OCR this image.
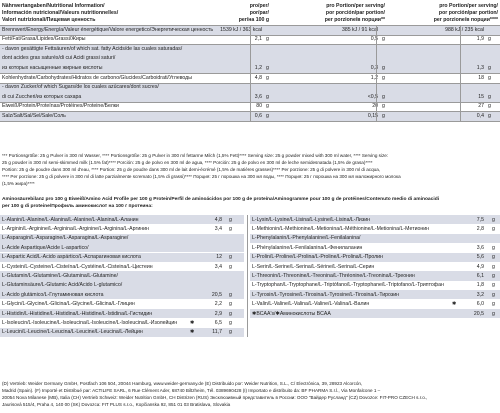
Nährwertangaben/Nutritional Information/
Información nutricional/Valeurs nutritionnelles/
Valori nutrizionali/Пищевая ценность
pro/per/
por/par/
per/на 100 g
pro Portion/per serving/
por porción/par portion/
per porzione/в порции**
pro Portion/per serving/
por porción/par portion/
per porzione/в порции****
Brennwert/Energy/Energía/Valeur énergétique/Valore energetico/Энергетическая ценность	1539 kJ / 363 kcal	385 kJ / 91 kcal	988 kJ / 235 kcal
Fett/Fat/Grasa/Lipides/Grassi/Жиры	2,1 g	0,5 g	1,9 g
- davon gesättigte Fettsäuren/of which sat. fatty Acids/de las cuales saturadas/
dont acides gras saturés/di cui Acidi grassi saturi/
из которых насыщенные жирные кислоты	1,2 g	0,3 g	1,3 g
Kohlenhydrate/Carbohydrates/Hidratos de carbono/Glucides/Carboidrati/Углеводы	4,8 g	1,2 g	18 g
- davon Zucker/of which Sugars/de los cuales azúcares/dont sucres/
di cui Zuccheri/из которых сахара	3,6 g	<0,5 g	15 g
Eiweiß/Protein/Proteínas/Protéines/Proteine/Белки	80 g	20 g	27 g
Salz/Salt/Sal/Sel/Sale/Соль	0,6 g	0,15 g	0,4 g
*** Portionsgröße: 25 g Pulver in 300 ml Wasser, **** Portionsgröße: 25 g Pulver in 300 ml fettarme Milch (1,5% Fett)**** Serving size: 25 g powder mixed with 300 ml water, **** Serving size:
25 g powder in 300 ml semi-skimmed milk (1.5% fat)**** Porción: 25 g de polvo en 300 ml de agua, **** Porción: 25 g de polvo en 300 ml de leche semidesnatada (1,5% de grasa)****
Portion: 25 g de poudre dans 300 ml d'eau, **** Portion: 25 g de poudre dans 300 ml de lait demi-écrémé (1,5% de matières grasses)**** Per porzione: 25 g di polvere in 300 ml di acqua,
**** Per porzione: 25 g di polvere in 300 ml di latte parzialmente scremato (1,5% di grassi)**** Порция: 25 г порошка на 300 мл воды, **** Порция: 25 г порошка на 300 мл маложирного молока
(1,5% жира)****
Aminosäurebilanz pro 100 g Eiweiß/Amino Acid Profile per 100 g Protein/Perfil de aminoácidos por 100 g de proteína/Aminogramme pour 100 g de protéines/Contenuto medio di aminoacidi
per 100 g di proteine/Профиль аминокислот на 100 г протеина:
L-Alanin/L-Alanine/L-Alanina/L-Alanine/L-Alanina/L-Аланин	4,8 g
L-Arginin/L-Arginine/L-Arginina/L-Arginine/L-Arginina/L-Аргинин	3,4 g
L-Asparagin/L-Asparagine/L-Asparagina/L-Asparagine/
L-Acide Aspartique/Acide L-aspartico/
L-Aspartic Acid/L-Ácido aspártico/L-Аспарагиновая кислота	12 g
L-Cystein/L-Cysteine/L-Cisteína/L-Cystéine/L-Cisteina/L-Цистеин	3,4 g
L-Glutamin/L-Glutamine/L-Glutamina/L-Glutamine/
L-Glutaminsäure/L-Glutamic Acid/Acido L-glutamico/
L-Ácido glutámico/L-Глутаминовая кислота	20,5 g
L-Glycin/L-Glycine/L-Glicina/L-Glycine/L-Glicina/L-Глицин	2,2 g
L-Histidin/L-Histidine/L-Histidina/L-Histidine/L-Istidina/L-Гистидин	2,9 g
L-Isoleucin/L-Isoleucine/L-Isoleucina/L-Isoleucine/L-Isoleucina/L-Изолейцин	✱	6,5 g
L-Leucin/L-Leucine/L-Leucina/L-Leucine/L-Leucina/L-Лейцин	✱	11,7 g
L-Lysin/L-Lysine/L-Lisina/L-Lysine/L-Lisina/L-Лизин	7,5 g
L-Methionin/L-Methionine/L-Metionina/L-Méthionine/L-Metionina/L-Метионин	2,8 g
L-Phenylalanin/L-Phenylalanine/L-Fenilalanina/
L-Phénylalanine/L-Fenilalanina/L-Фенилаланин	3,6 g
L-Prolin/L-Proline/L-Prolina/L-Proline/L-Prolina/L-Пролин	5,6 g
L-Serin/L-Serine/L-Serina/L-Sérine/L-Serina/L-Серин	4,9 g
L-Threonin/L-Threonine/L-Treonina/L-Thréonine/L-Treonina/L-Треонин	6,1 g
L-Tryptophan/L-Tryptophane/L-Triptófano/L-Tryptophane/L-Triptofano/L-Триптофан	1,8 g
L-Tyrosin/L-Tyrosine/L-Tirosina/L-Tyrosine/L-Tirosina/L-Тирозин	3,2 g
L-Valin/L-Valine/L-Valina/L-Valine/L-Valina/L-Валин	✱	6,0 g
✱BCAA's/✱Аминокислоты BCAA	20,5 g
(D) Vertrieb: Weider Germany GmbH, Postfach 106 504, 20044 Hamburg, www.weider-germany.de (E) Distribuido por: Weider Nutrition, S.L., C/ Electrónica, 39, 28923 Alcorcón,
Madrid (Spain). (F) Importé et Distribué par: ACTILIFE SARL, 6 Rue Clément Ader, 68740 Biltzheim, Tél. 0389690428 (I) Importato e distribuito da: BF PHARMA S.r.l., Via Monfalcone 1 –
20054 Nova Milanese (MB), Italia (CH) Vertrieb Schweiz: Weider Nutrition GmbH, CH Distrizen (RUS) Эксклюзивный представитель в России: ООО "Вайдер Русланд" (CZ) Dovozce: FIT-PRO CZECH s.r.o.,
Jaurisová 515/4, Praha 4, 140 00 (SK) Dovozca: FIT PLUS s.r.o., Kopčianska 92, 851 01 03 Bratislava, Slovakia
